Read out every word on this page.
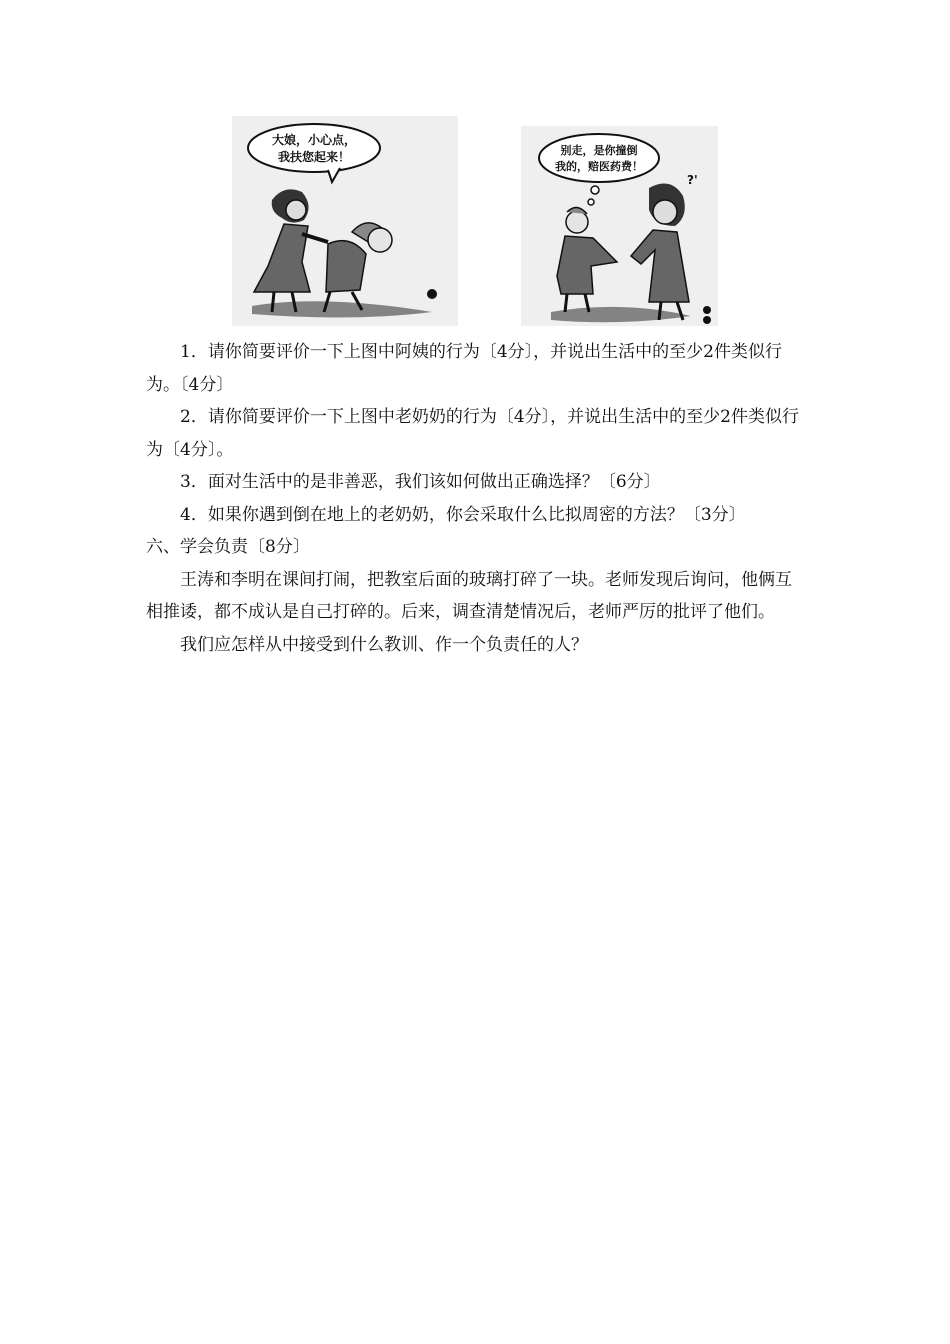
大娘，小心点，
我扶您起来！	别走，是你撞倒
我的，赔医药费！
?'

1．请你简要评价一下上图中阿姨的行为〔4分〕，并说出生活中的至少2件类似行为。〔4分〕

2．请你简要评价一下上图中老奶奶的行为〔4分〕，并说出生活中的至少2件类似行为〔4分〕。

3．面对生活中的是非善恶，我们该如何做出正确选择？〔6分〕

4．如果你遇到倒在地上的老奶奶，你会采取什么比拟周密的方法？〔3分〕

六、学会负责〔8分〕

王涛和李明在课间打闹，把教室后面的玻璃打碎了一块。老师发现后询问，他俩互相推诿，都不成认是自己打碎的。后来，调查清楚情况后，老师严厉的批评了他们。

我们应怎样从中接受到什么教训、作一个负责任的人？
